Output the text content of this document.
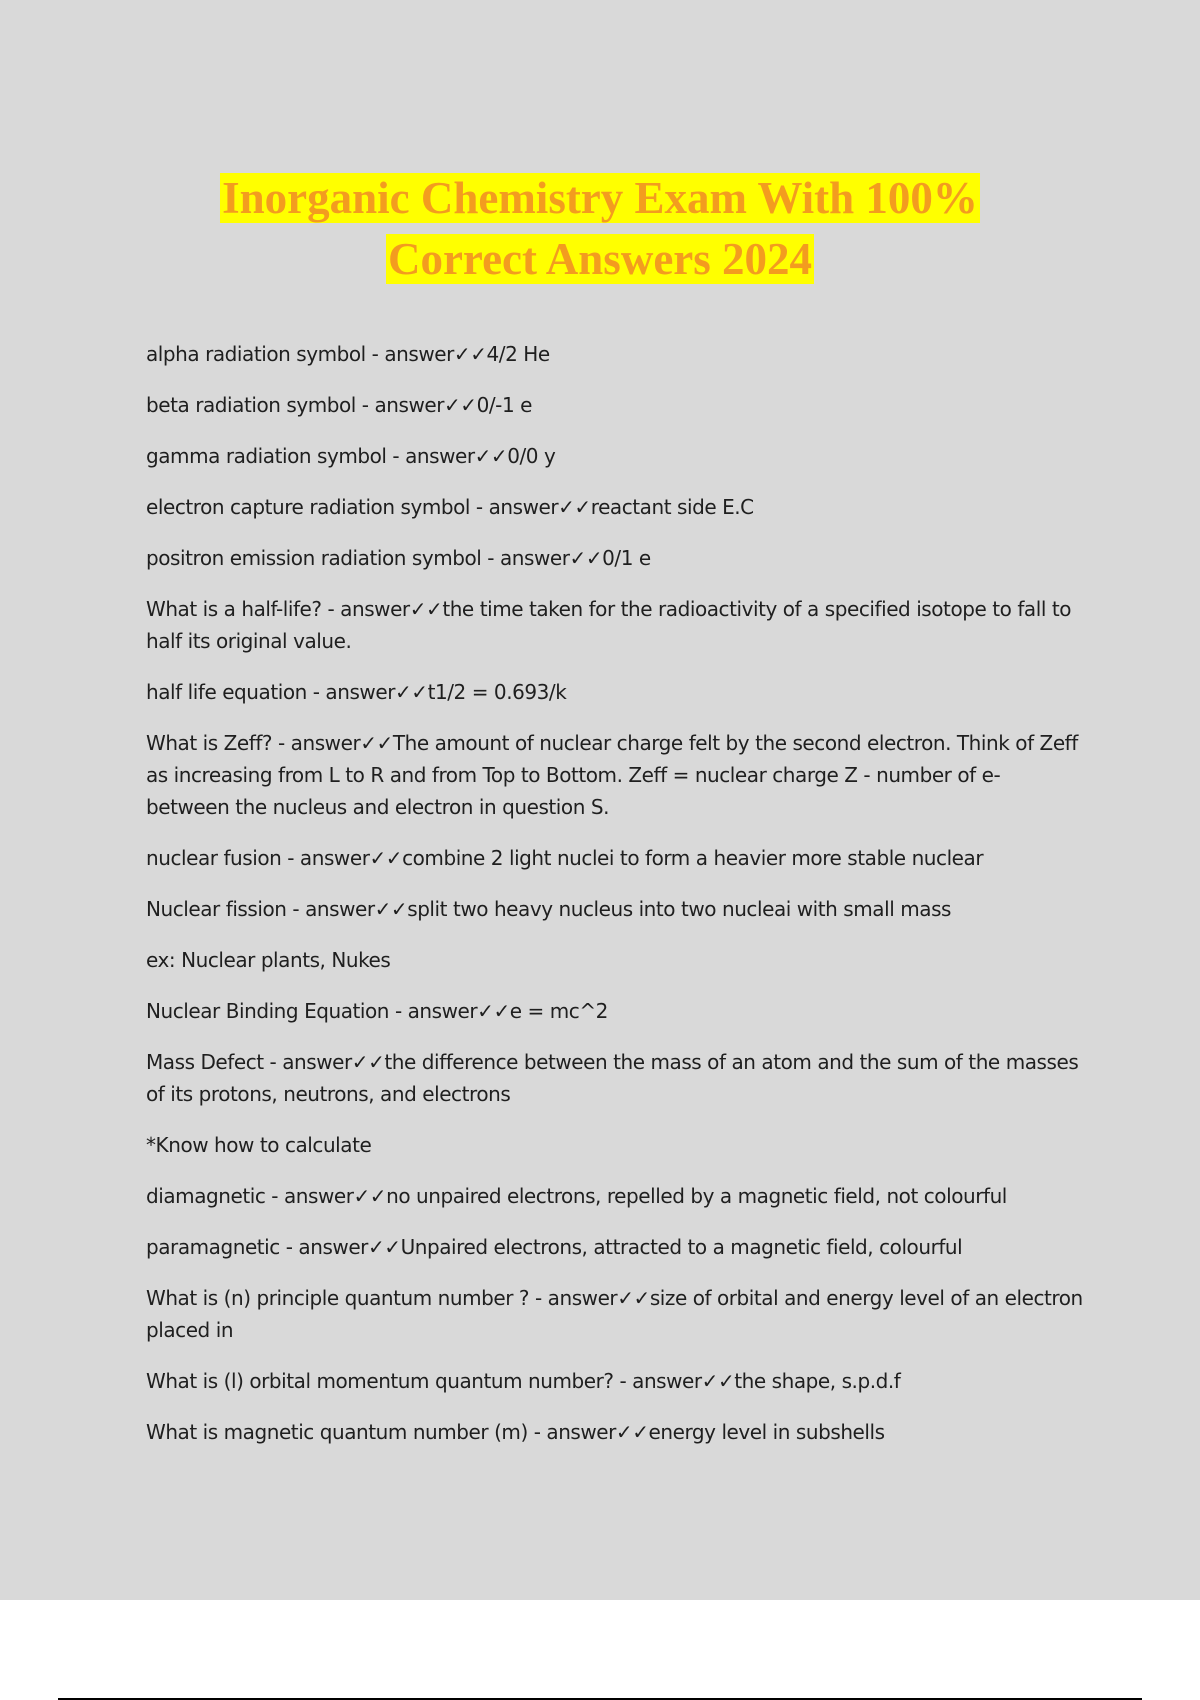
Inorganic Chemistry Exam With 100%
Correct Answers 2024

alpha radiation symbol - answer✓✓4/2 He

beta radiation symbol - answer✓✓0/-1 e

gamma radiation symbol - answer✓✓0/0 y

electron capture radiation symbol - answer✓✓reactant side E.C

positron emission radiation symbol - answer✓✓0/1 e

What is a half-life? - answer✓✓the time taken for the radioactivity of a specified isotope to fall to half its original value.

half life equation - answer✓✓t1/2 = 0.693/k

What is Zeff? - answer✓✓The amount of nuclear charge felt by the second electron. Think of Zeff as increasing from L to R and from Top to Bottom. Zeff = nuclear charge Z - number of e- between the nucleus and electron in question S.

nuclear fusion - answer✓✓combine 2 light nuclei to form a heavier more stable nuclear

Nuclear fission - answer✓✓split two heavy nucleus into two nucleai with small mass

ex: Nuclear plants, Nukes

Nuclear Binding Equation - answer✓✓e = mc^2

Mass Defect - answer✓✓the difference between the mass of an atom and the sum of the masses of its protons, neutrons, and electrons

*Know how to calculate

diamagnetic - answer✓✓no unpaired electrons, repelled by a magnetic field, not colourful

paramagnetic - answer✓✓Unpaired electrons, attracted to a magnetic field, colourful

What is (n) principle quantum number ? - answer✓✓size of orbital and energy level of an electron placed in

What is (l) orbital momentum quantum number? - answer✓✓the shape, s.p.d.f

What is magnetic quantum number (m) - answer✓✓energy level in subshells
